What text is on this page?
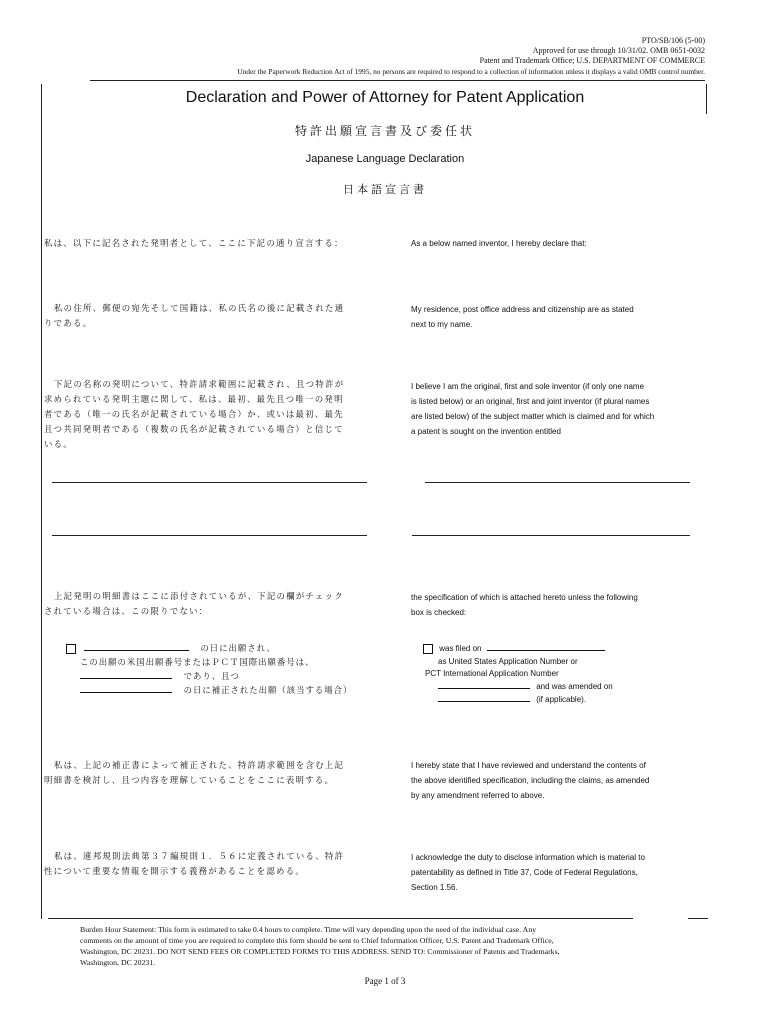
PTO/SB/106 (5-00)
Approved for use through 10/31/02. OMB 0651-0032
Patent and Trademark Office; U.S. DEPARTMENT OF COMMERCE
Under the Paperwork Reduction Act of 1995, no persons are required to respond to a collection of information unless it displays a valid OMB control number.
Declaration and Power of Attorney for Patent Application
特許出願宣言書及び委任状
Japanese Language Declaration
日本語宣言書
私は、以下に記名された発明者として、ここに下記の通り宣言する：	As a below named inventor, I hereby declare that:
私の住所、郵便の宛先そして国籍は、私の氏名の後に記載された通
りである。
My residence, post office address and citizenship are as stated
next to my name.
下記の名称の発明について、特許請求範囲に記載され、且つ特許が
求められている発明主題に関して、私は、最初、最先且つ唯一の発明
者である（唯一の氏名が記載されている場合）か、或いは最初、最先
且つ共同発明者である（複数の氏名が記載されている場合）と信じて
いる。
I believe I am the original, first and sole inventor (if only one name
is listed below) or an original, first and joint inventor (if plural names
are listed below) of the subject matter which is claimed and for which
a patent is sought on the invention entitled
上記発明の明細書はここに添付されているが、下記の欄がチェック
されている場合は、この限りでない：
the specification of which is attached hereto unless the following
box is checked:
の日に出願され、
この出願の米国出願番号またはＰＣＴ国際出願番号は、
であり、且つ
の日に補正された出願（該当する場合）
was filed on
as United States Application Number or
PCT International Application Number
and was amended on
(if applicable).
私は、上記の補正書によって補正された、特許請求範囲を含む上記
明細書を検討し、且つ内容を理解していることをここに表明する。
I hereby state that I have reviewed and understand the contents of
the above identified specification, including the claims, as amended
by any amendment referred to above.
私は、連邦規則法典第３７編規則１．５６に定義されている、特許
性について重要な情報を開示する義務があることを認める。
I acknowledge the duty to disclose information which is material to
patentability as defined in Title 37, Code of Federal Regulations,
Section 1.56.
Burden Hour Statement: This form is estimated to take 0.4 hours to complete. Time will vary depending upon the need of the individual case. Any
comments on the amount of time you are required to complete this form should be sent to Chief Information Officer, U.S. Patent and Trademark Office,
Washington, DC 20231. DO NOT SEND FEES OR COMPLETED FORMS TO THIS ADDRESS. SEND TO: Commissioner of Patents and Trademarks,
Washington, DC 20231.
Page 1 of 3
